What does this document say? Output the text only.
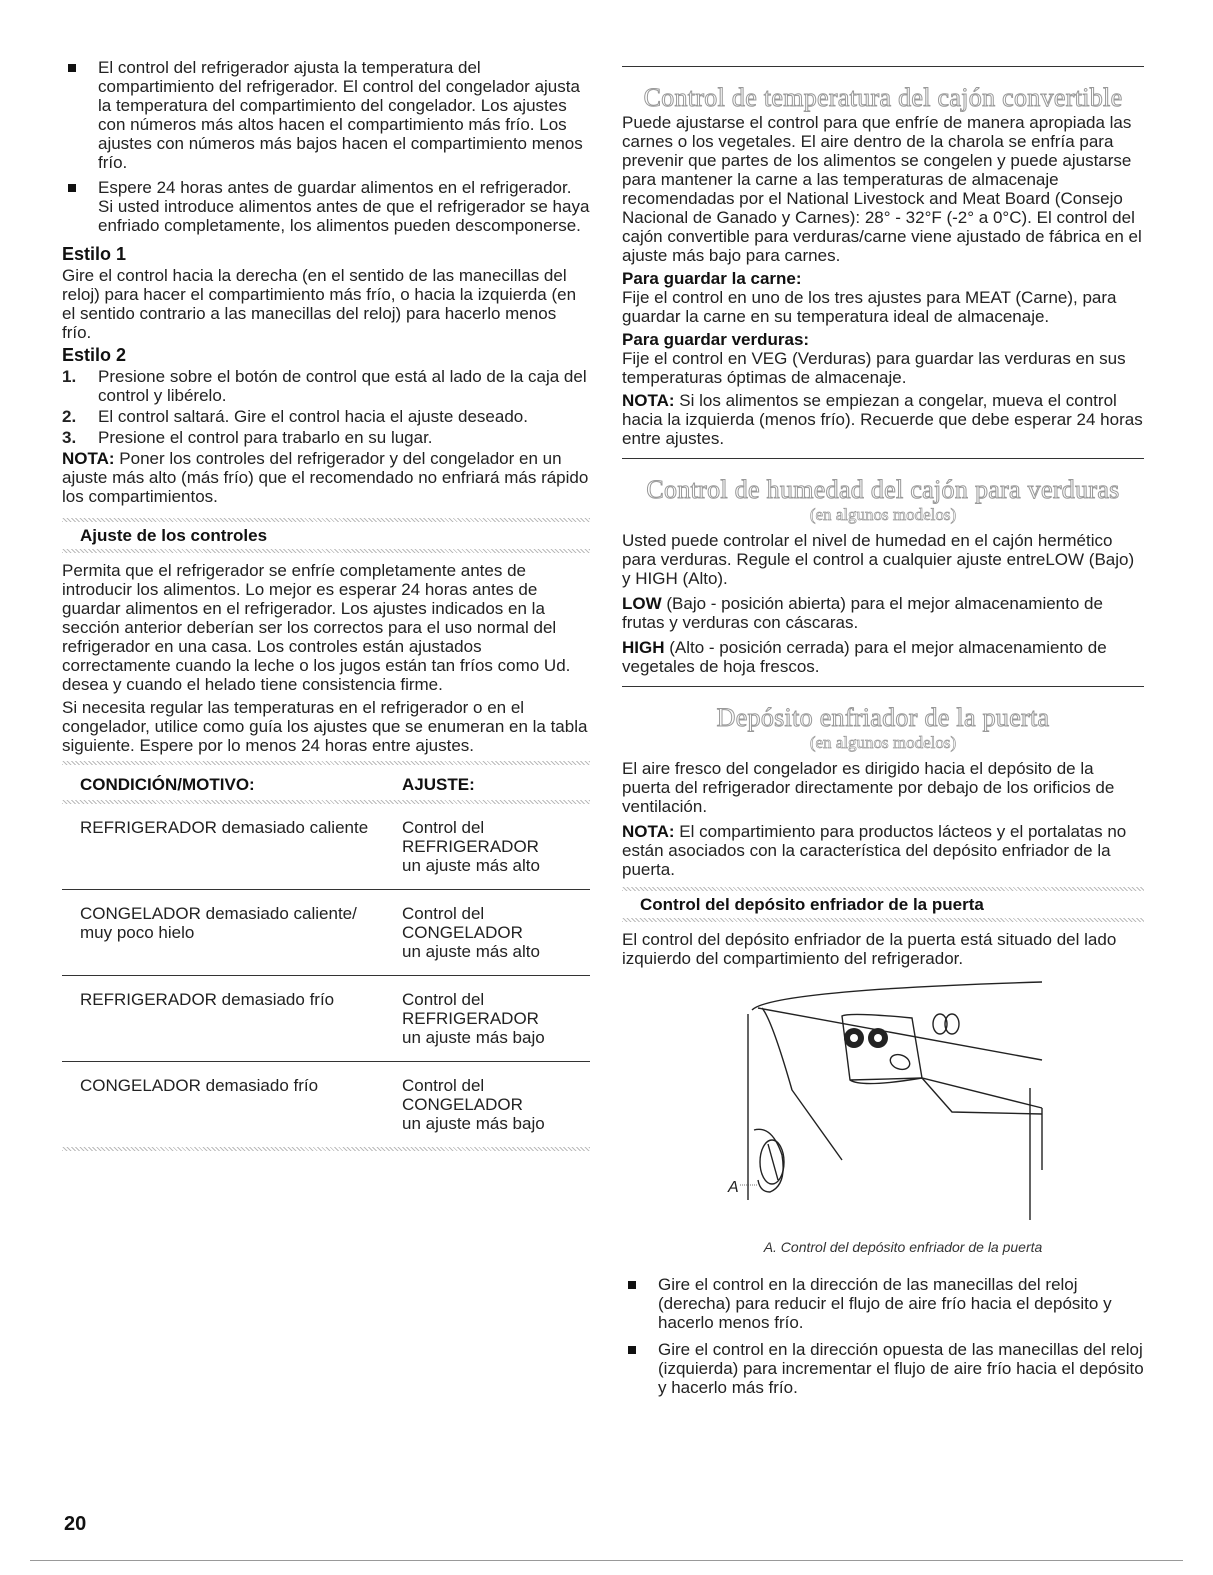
El control del refrigerador ajusta la temperatura del compartimiento del refrigerador. El control del congelador ajusta la temperatura del compartimiento del congelador. Los ajustes con números más altos hacen el compartimiento más frío. Los ajustes con números más bajos hacen el compartimiento menos frío.
Espere 24 horas antes de guardar alimentos en el refrigerador. Si usted introduce alimentos antes de que el refrigerador se haya enfriado completamente, los alimentos pueden descomponerse.
Estilo 1

Gire el control hacia la derecha (en el sentido de las manecillas del reloj) para hacer el compartimiento más frío, o hacia la izquierda (en el sentido contrario a las manecillas del reloj) para hacerlo menos frío.

Estilo 2
1. Presione sobre el botón de control que está al lado de la caja del control y libérelo.
2. El control saltará. Gire el control hacia el ajuste deseado.
3. Presione el control para trabarlo en su lugar.

NOTA: Poner los controles del refrigerador y del congelador en un ajuste más alto (más frío) que el recomendado no enfriará más rápido los compartimientos.

Ajuste de los controles

Permita que el refrigerador se enfríe completamente antes de introducir los alimentos. Lo mejor es esperar 24 horas antes de guardar alimentos en el refrigerador. Los ajustes indicados en la sección anterior deberían ser los correctos para el uso normal del refrigerador en una casa. Los controles están ajustados correctamente cuando la leche o los jugos están tan fríos como Ud. desea y cuando el helado tiene consistencia firme.

Si necesita regular las temperaturas en el refrigerador o en el congelador, utilice como guía los ajustes que se enumeran en la tabla siguiente. Espere por lo menos 24 horas entre ajustes.

CONDICIÓN/MOTIVO:	AJUSTE:

REFRIGERADOR demasiado caliente	Control del
REFRIGERADOR
un ajuste más alto

CONGELADOR demasiado caliente/ muy poco hielo	Control del
CONGELADOR
un ajuste más alto

REFRIGERADOR demasiado frío	Control del
REFRIGERADOR
un ajuste más bajo

CONGELADOR demasiado frío	Control del
CONGELADOR
un ajuste más bajo
Control de temperatura del cajón convertible

Puede ajustarse el control para que enfríe de manera apropiada las carnes o los vegetales. El aire dentro de la charola se enfría para prevenir que partes de los alimentos se congelen y puede ajustarse para mantener la carne a las temperaturas de almacenaje recomendadas por el National Livestock and Meat Board (Consejo Nacional de Ganado y Carnes): 28° - 32°F (-2° a 0°C). El control del cajón convertible para verduras/carne viene ajustado de fábrica en el ajuste más bajo para carnes.

Para guardar la carne:

Fije el control en uno de los tres ajustes para MEAT (Carne), para guardar la carne en su temperatura ideal de almacenaje.

Para guardar verduras:

Fije el control en VEG (Verduras) para guardar las verduras en sus temperaturas óptimas de almacenaje.

NOTA: Si los alimentos se empiezan a congelar, mueva el control hacia la izquierda (menos frío). Recuerde que debe esperar 24 horas entre ajustes.

Control de humedad del cajón para verduras
(en algunos modelos)

Usted puede controlar el nivel de humedad en el cajón hermético para verduras. Regule el control a cualquier ajuste entreLOW (Bajo) y HIGH (Alto).

LOW (Bajo - posición abierta) para el mejor almacenamiento de frutas y verduras con cáscaras.

HIGH (Alto - posición cerrada) para el mejor almacenamiento de vegetales de hoja frescos.

Depósito enfriador de la puerta
(en algunos modelos)

El aire fresco del congelador es dirigido hacia el depósito de la puerta del refrigerador directamente por debajo de los orificios de ventilación.

NOTA: El compartimiento para productos lácteos y el portalatas no están asociados con la característica del depósito enfriador de la puerta.

Control del depósito enfriador de la puerta

El control del depósito enfriador de la puerta está situado del lado izquierdo del compartimiento del refrigerador.

A
A. Control del depósito enfriador de la puerta
Gire el control en la dirección de las manecillas del reloj (derecha) para reducir el flujo de aire frío hacia el depósito y hacerlo menos frío.
Gire el control en la dirección opuesta de las manecillas del reloj (izquierda) para incrementar el flujo de aire frío hacia el depósito y hacerlo más frío.
20
